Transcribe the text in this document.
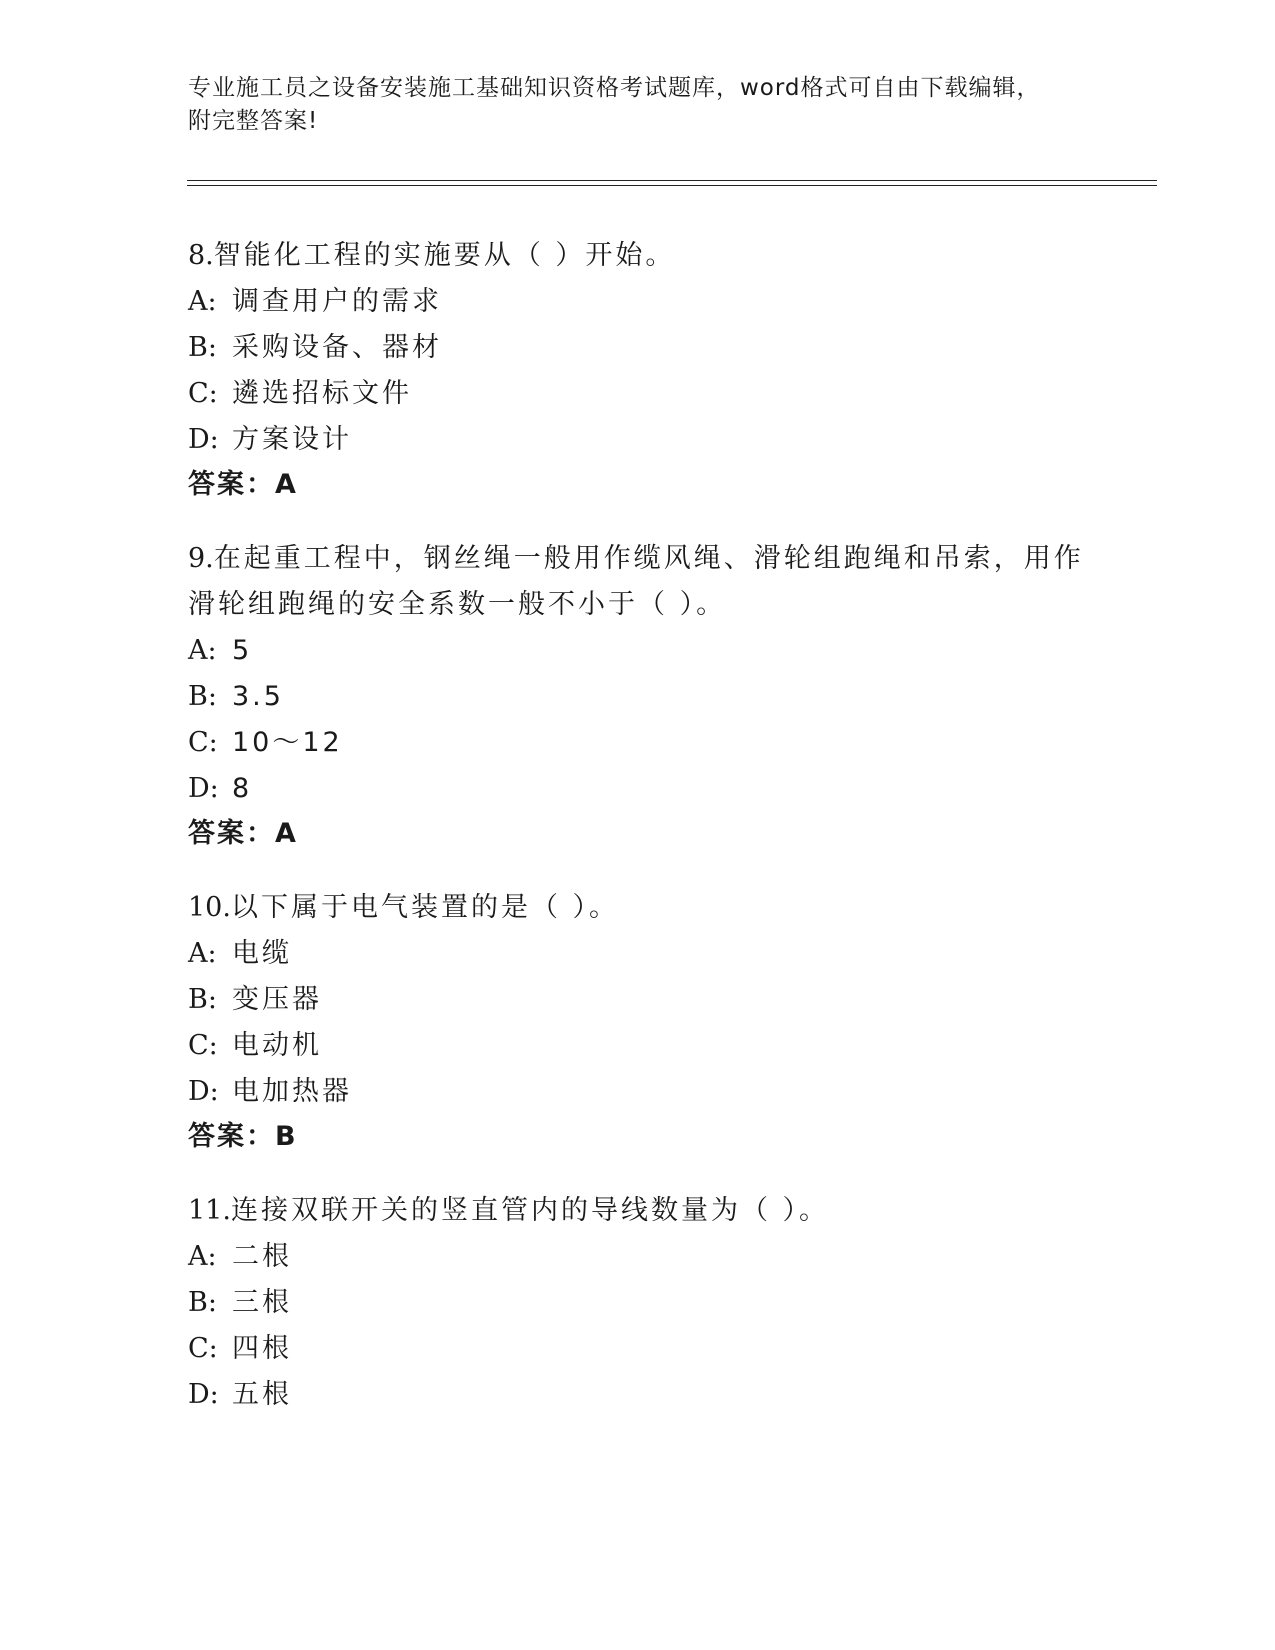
专业施工员之设备安装施工基础知识资格考试题库，word格式可自由下载编辑，
附完整答案!
8.智能化工程的实施要从（ ）开始。
A: 调查用户的需求
B: 采购设备、器材
C: 遴选招标文件
D: 方案设计
答案：A
9.在起重工程中，钢丝绳一般用作缆风绳、滑轮组跑绳和吊索，用作滑轮组跑绳的安全系数一般不小于（ ）。
A: 5
B: 3.5
C: 10～12
D: 8
答案：A
10.以下属于电气装置的是（ ）。
A: 电缆
B: 变压器
C: 电动机
D: 电加热器
答案：B
11.连接双联开关的竖直管内的导线数量为（ ）。
A: 二根
B: 三根
C: 四根
D: 五根
